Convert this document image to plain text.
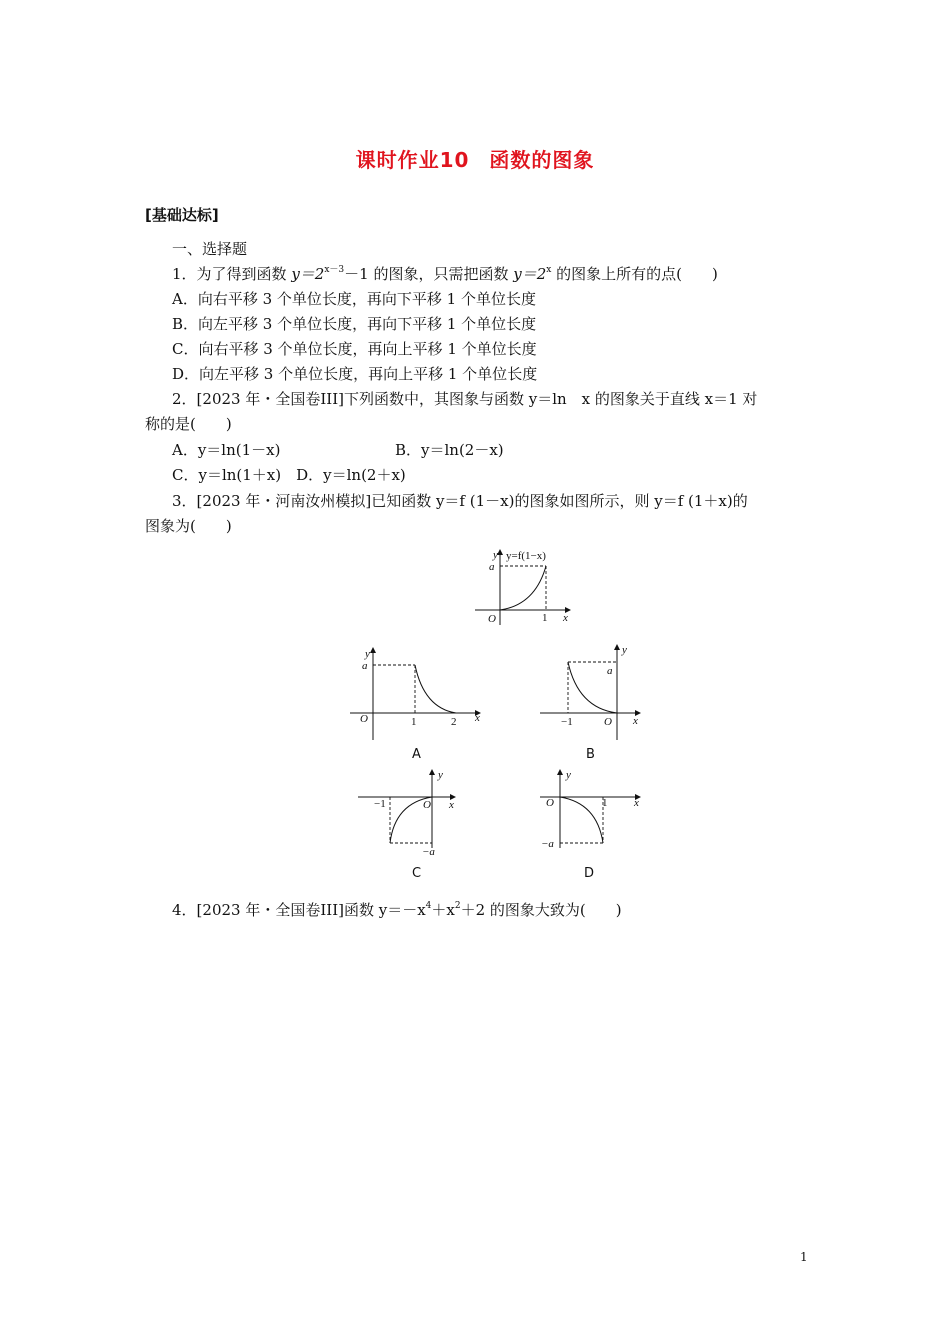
课时作业10 函数的图象
[基础达标]
一、选择题
1．为了得到函数 $y=2^{x-3}-1$ 的图象，只需把函数 $y=2^x$ 的图象上所有的点(　　)
A．向右平移 3 个单位长度，再向下平移 1 个单位长度
B．向左平移 3 个单位长度，再向下平移 1 个单位长度
C．向右平移 3 个单位长度，再向上平移 1 个单位长度
D．向左平移 3 个单位长度，再向上平移 1 个单位长度
2．[2023 年・全国卷III]下列函数中，其图象与函数 y＝ln　x 的图象关于直线 x＝1 对
称的是(　　)
A．y＝ln(1－x)	B．y＝ln(2－x)
C．y＝ln(1＋x)　D．y＝ln(2＋x)
3．[2023 年・河南汝州模拟]已知函数 y＝f (1－x)的图象如图所示，则 y＝f (1＋x)的
图象为(　　)
y=f(1−x)
y
x
O
a
1
y
x
O
a
1	2
A
y
x
O
a
−1
B
y
x
O
−a
−1
C
y
x
O
−a
1
D
4．[2023 年・全国卷III]函数 $y=-x^4+x^2+2$ 的图象大致为(　　)
1
